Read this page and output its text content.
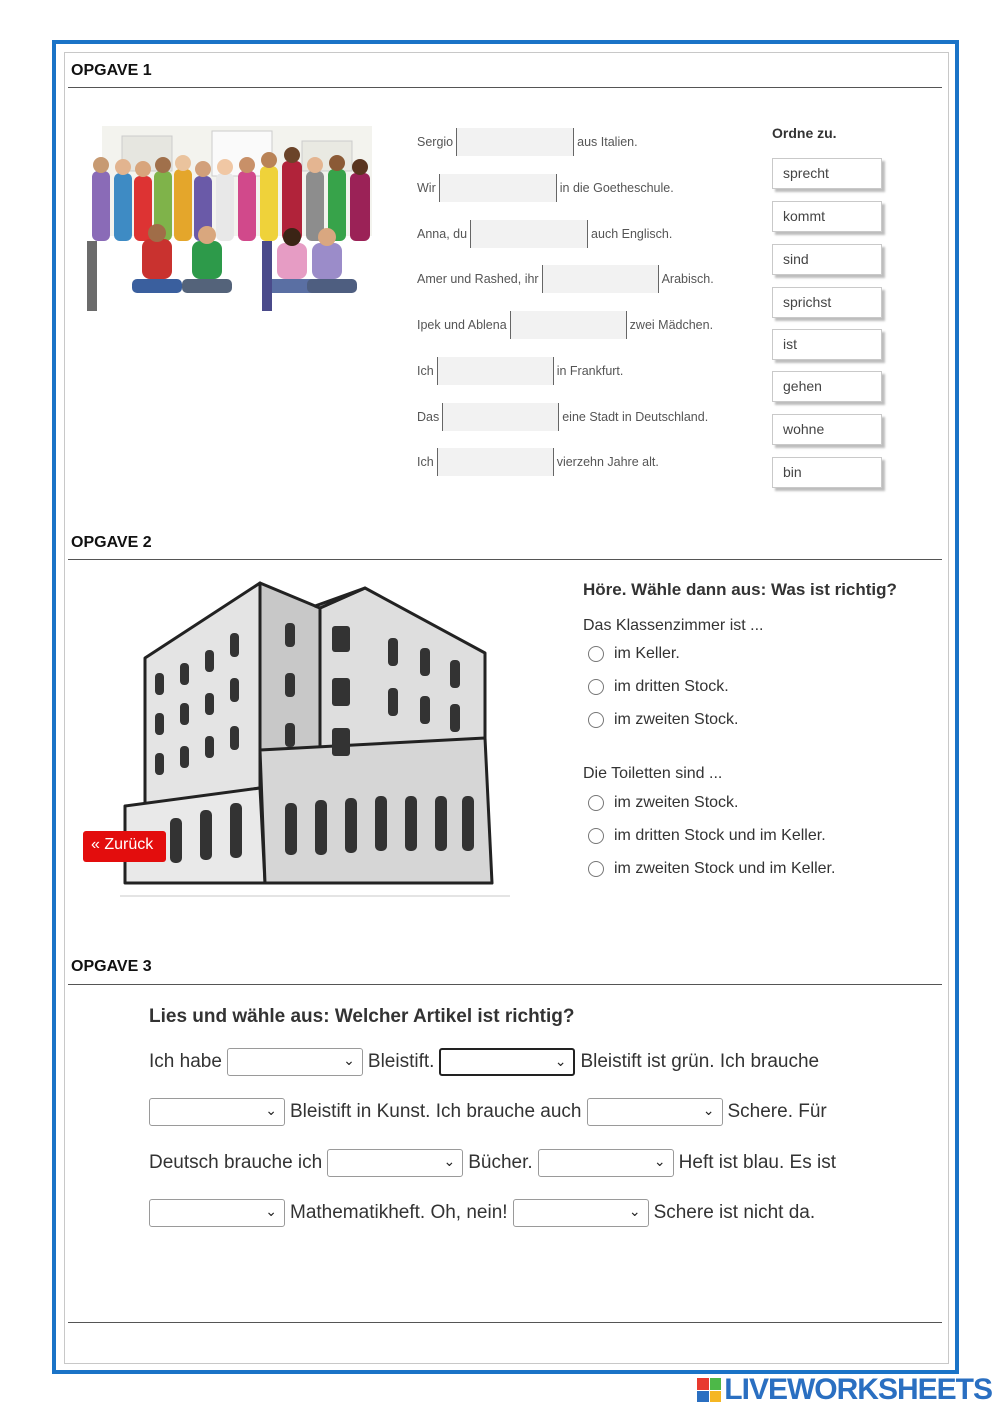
OPGAVE 1
Sergio	aus Italien.
Wir	in die Goetheschule.
Anna, du	auch Englisch.
Amer und Rashed, ihr	Arabisch.
Ipek und Ablena	zwei Mädchen.
Ich	in Frankfurt.
Das	eine Stadt in Deutschland.
Ich	vierzehn Jahre alt.
Ordne zu.
sprecht
kommt
sind
sprichst
ist
gehen
wohne
bin
OPGAVE 2
« Zurück
Höre. Wähle dann aus: Was ist richtig?
Das Klassenzimmer ist ...
im Keller.
im dritten Stock.
im zweiten Stock.
Die Toiletten sind ...
im zweiten Stock.
im dritten Stock und im Keller.
im zweiten Stock und im Keller.
OPGAVE 3
Lies und wähle aus: Welcher Artikel ist richtig?
Ich habe	⌄ Bleistift.	⌄ Bleistift ist grün. Ich brauche
⌄ Bleistift in Kunst. Ich brauche auch	⌄ Schere. Für
Deutsch brauche ich	⌄ Bücher.	⌄ Heft ist blau. Es ist
⌄ Mathematikheft. Oh, nein!	⌄ Schere ist nicht da.
LIVEWORKSHEETS
